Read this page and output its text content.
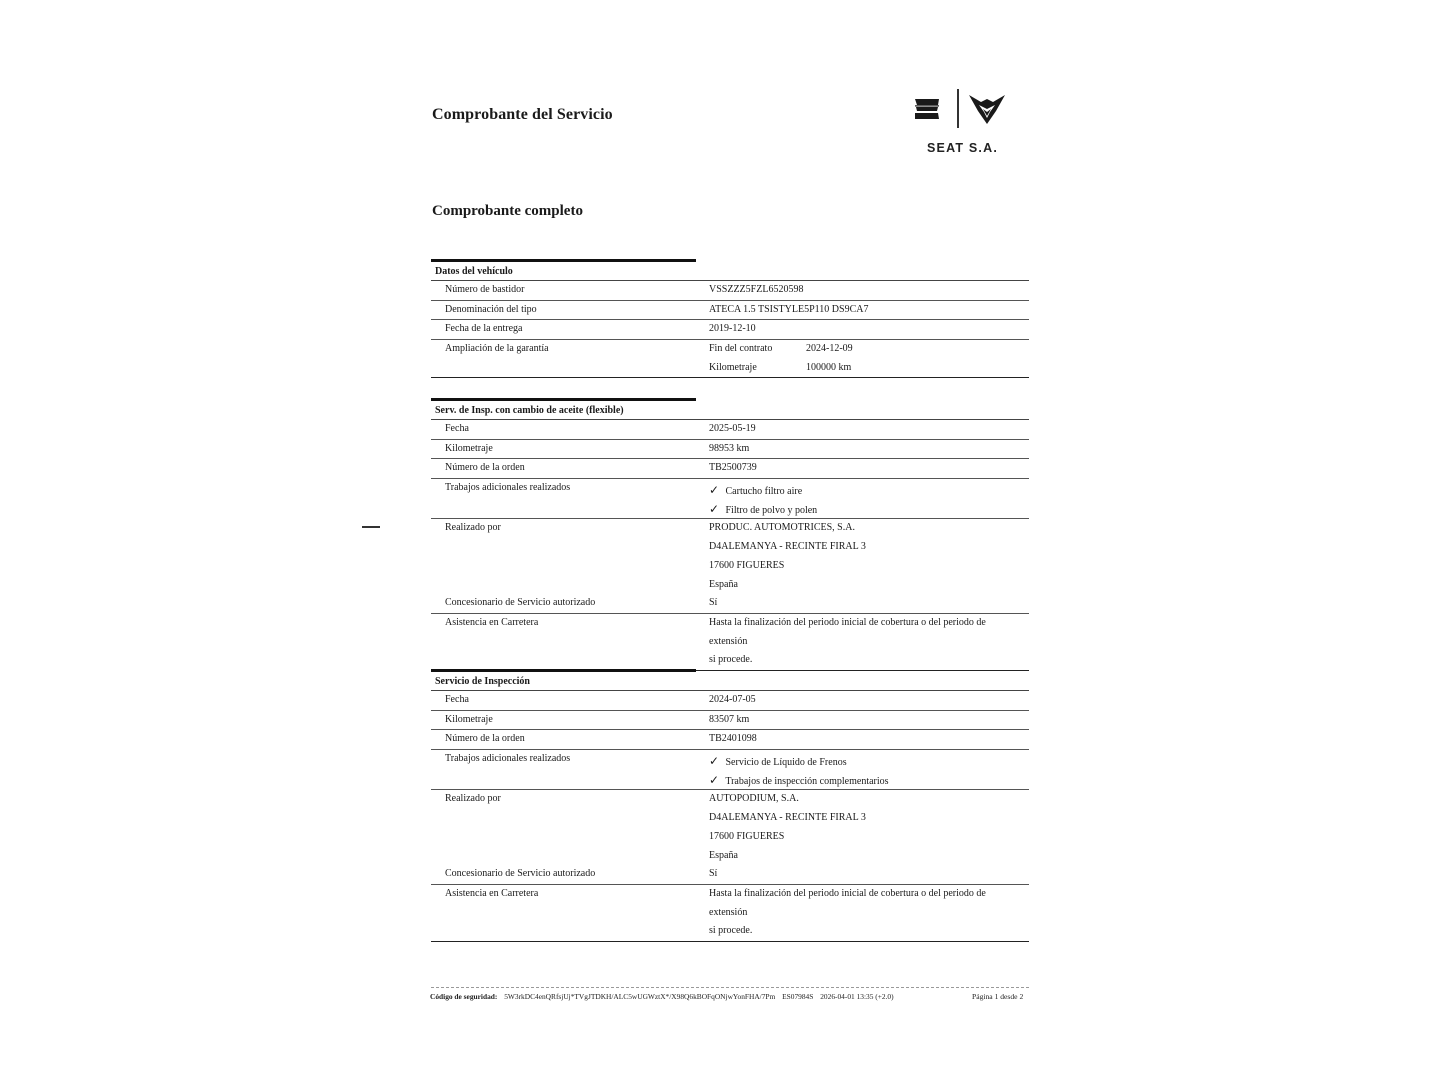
Comprobante del Servicio
SEAT S.A.
Comprobante completo
Datos del vehículo
Número de bastidor	VSSZZZ5FZL6520598
Denominación del tipo	ATECA 1.5 TSISTYLE5P110 DS9CA7
Fecha de la entrega	2019-12-10
Ampliación de la garantía	Fin del contrato	2024-12-09
Kilometraje	100000 km
Serv. de Insp. con cambio de aceite (flexible)
Fecha	2025-05-19
Kilometraje	98953 km
Número de la orden	TB2500739
Trabajos adicionales realizados	✓ Cartucho filtro aire
✓ Filtro de polvo y polen
Realizado por	PRODUC. AUTOMOTRICES, S.A.
D4ALEMANYA - RECINTE FIRAL 3
17600 FIGUERES
España
Concesionario de Servicio autorizado	Sí
Asistencia en Carretera	Hasta la finalización del periodo inicial de cobertura o del periodo de extensión
si procede.
Servicio de Inspección
Fecha	2024-07-05
Kilometraje	83507 km
Número de la orden	TB2401098
Trabajos adicionales realizados	✓ Servicio de Líquido de Frenos
✓ Trabajos de inspección complementarios
Realizado por	AUTOPODIUM, S.A.
D4ALEMANYA - RECINTE FIRAL 3
17600 FIGUERES
España
Concesionario de Servicio autorizado	Sí
Asistencia en Carretera	Hasta la finalización del periodo inicial de cobertura o del periodo de extensión
si procede.
Código de seguridad: 5W3rkDC4enQRfsjUj*TVgJTDKH/ALC5wUGWztX*/X98Q6kBOFqONjwYonFHA/7Pm ES07984S 2026-04-01 13:35 (+2.0)	Página 1 desde 2
